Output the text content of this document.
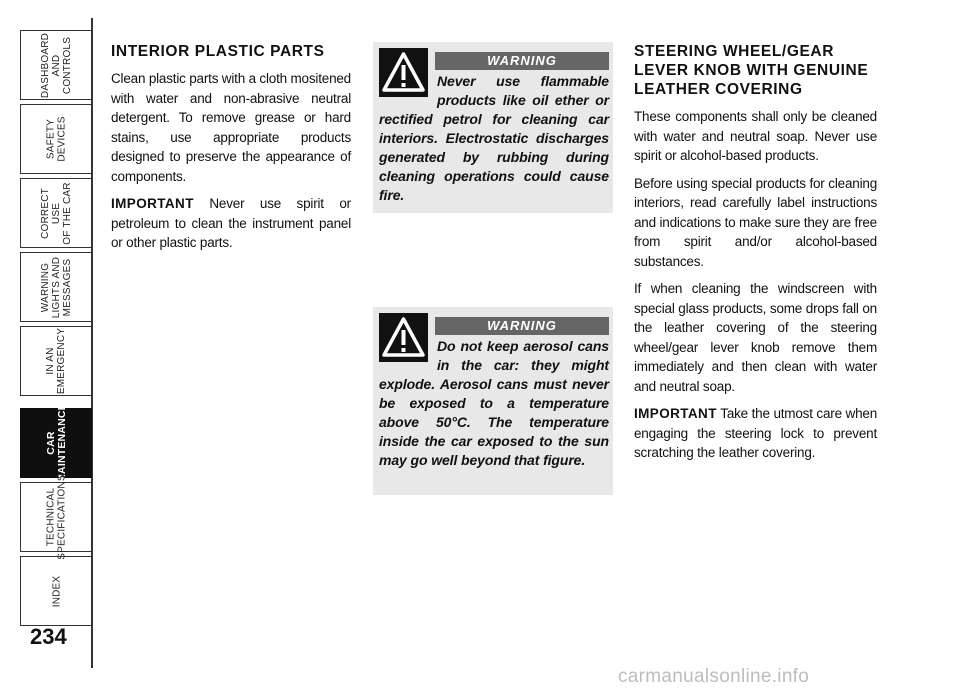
DASHBOARD
AND
CONTROLS
SAFETY
DEVICES
CORRECT USE
OF THE CAR
WARNING
LIGHTS AND
MESSAGES
IN AN
EMERGENCY
CAR
MAINTENANCE
TECHNICAL
SPECIFICATIONS
INDEX
234
INTERIOR PLASTIC PARTS

Clean plastic parts with a cloth mositened with water and non-abrasive neutral detergent. To remove grease or hard stains, use appropriate products designed to preserve the appearance of components.

IMPORTANT Never use spirit or petroleum to clean the instrument panel or other plastic parts.

WARNING
Never use flammable products like oil ether or rectified petrol for cleaning car interiors. Electrostatic discharges generated by rubbing during cleaning operations could cause fire.
WARNING
Do not keep aerosol cans in the car: they might explode. Aerosol cans must never be exposed to a temperature above 50°C. The temperature inside the car exposed to the sun may go well beyond that figure.
STEERING WHEEL/GEAR LEVER KNOB WITH GENUINE LEATHER COVERING

These components shall only be cleaned with water and neutral soap. Never use spirit or alcohol-based products.

Before using special products for cleaning interiors, read carefully label instructions and indications to make sure they are free from spirit and/or alcohol-based substances.

If when cleaning the windscreen with special glass products, some drops fall on the leather covering of the steering wheel/gear lever knob remove them immediately and then clean with water and neutral soap.

IMPORTANT Take the utmost care when engaging the steering lock to prevent scratching the leather covering.

carmanualsonline.info
